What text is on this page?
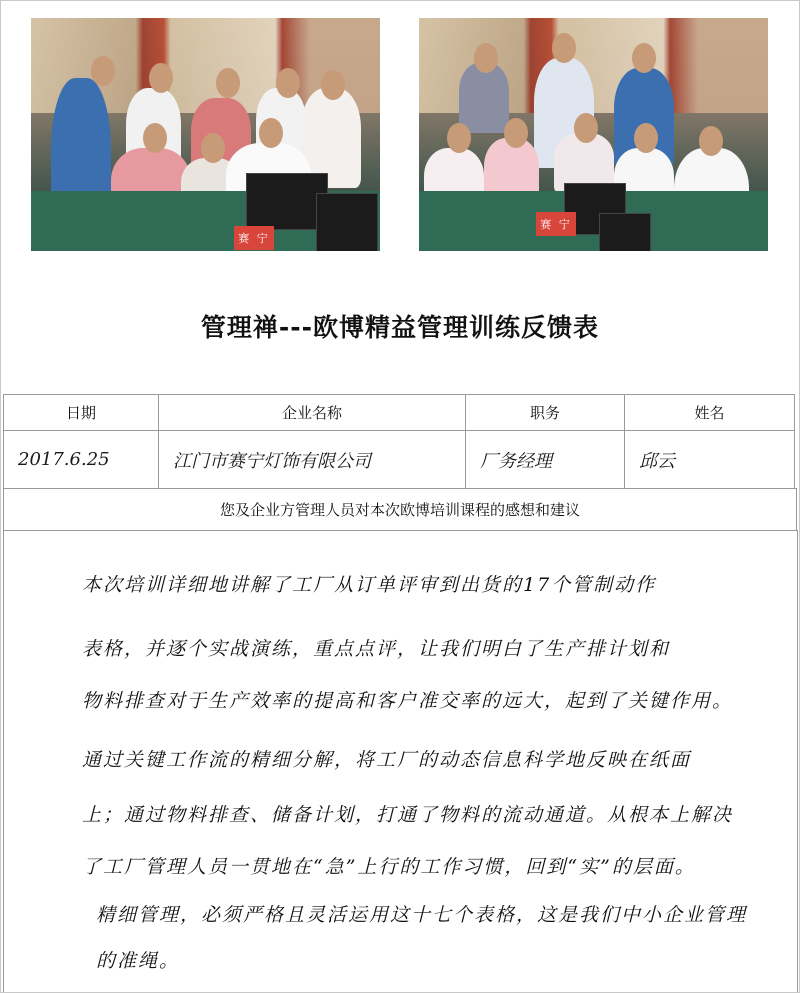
赛 宁
赛 宁
管理禅---欧博精益管理训练反馈表
日期	企业名称	职务	姓名
2017.6.25	江门市赛宁灯饰有限公司	厂务经理	邱云
您及企业方管理人员对本次欧博培训课程的感想和建议
本次培训详细地讲解了工厂从订单评审到出货的17个管制动作
表格，并逐个实战演练，重点点评，让我们明白了生产排计划和
物料排查对于生产效率的提高和客户准交率的远大，起到了关键作用。
通过关键工作流的精细分解，将工厂的动态信息科学地反映在纸面
上；通过物料排查、储备计划，打通了物料的流动通道。从根本上解决
了工厂管理人员一贯地在“急”上行的工作习惯，回到“实”的层面。
精细管理，必须严格且灵活运用这十七个表格，这是我们中小企业管理
的准绳。
